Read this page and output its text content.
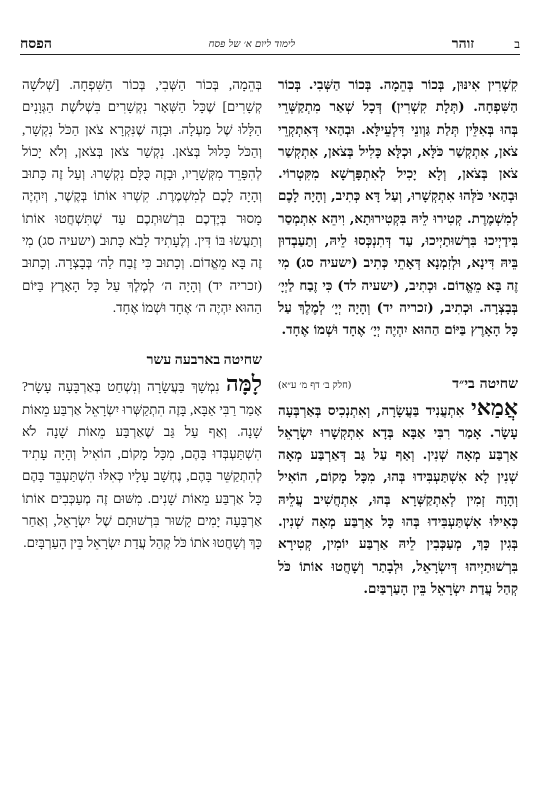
הפסח	לימוד ליום א׳ של פסח	זוהר	ב

קִשְׁרִין אִינּוּן, בְּכוֹר בְּהֵמָה. בְּכוֹר הַשְּׁבִי. בְּכוֹר הַשִּׁפְחָה. (תְּלָת קִשְׁרִין) דְּכָל שְׁאַר מִתְקַשְּׁרֵי בְּהוּ בְּאִלֵּין תְּלַת גַּוְונֵי דִּלְעֵילָּא. וּבְהַאי דְּאִתְקְרֵי צֹאן, אִתְקְשַׁר כֹּלָּא, וּכְלָּא כָּלִיל בְּצֹאן, אִתְקְשַׁר צֹאן בְּצֹאן, וְלָא יָכִיל לְאִתְפָּרְשָׁא מִקִּטְרוֹי. וּבְהַאי כֹּלְּהוּ אִתְקְשָׁרוּ, וְעַל דָּא כְּתִיב, וְהָיָה לָכֶם לְמִשְׁמֶרֶת. קְטִירוּ לֵיהּ בִּקְטִירוּתָא, וִיהֵא אִתְמְסַר בִּידַיְיכוּ בִּרְשׁוּתַיְיכוּ, עַד דְּתִנְכְּסוּ לֵיהּ, וְתַעַבְדוּן בֵּיהּ דִּינָא, וּלְזִמְנָא דְּאָתֵי כְּתִיב (ישעיה סג) מִי זֶה בָּא מֵאֱדוֹם. וּכְתִיב, (ישעיה לד) כִּי זֶבַח לַיְיָ׳ בְּבָצְרָה. וּכְתִיב, (זכריה יד) וְהָיָה יְיָ׳ לְמֶלֶךְ עַל כָּל הָאָרֶץ בַּיּוֹם הַהוּא יִהְיֶה יְיָ׳ אֶחָד וּשְׁמוֹ אֶחָד.

שחיטה בי״ד
(חלק ב׳ דף מ׳ ע״א)

אֲמַאי אִתְעֲנִיד בַּעֲשָׂרָה, וְאִתְנְכִיס בְּאַרְבְּעָה עָשָׂר. אָמַר רִבִּי אַבָּא בְּדָא אִתְקְשָׁרוּ יִשְׂרָאֵל אַרְבַּע מְאָה שְׁנִין. וְאַף עַל גַּב דְּאַרְבַּע מְאָה שְׁנִין לָא אִשְׁתַּעְבִּידוּ בְּהוּ, מִכָּל מָקוֹם, הוֹאִיל וְהָוָה זְמִין לְאִתְקַשְּׁרָא בְּהוּ, אִתְחֲשִׁיב עֲלֵיהּ כְּאִילּוּ אִשְׁתַּעְבִּידוּ בְּהוּ כָּל אַרְבַּע מְאָה שְׁנִין. בְּגִין כָּךְ, מְעַכְּבִין לֵיהּ אַרְבַּע יוֹמִין, קְטִירָא בִּרְשׁוּתַיְיהוּ דְּיִשְׂרָאֵל, וּלְבָתַר וְשָׁחֲטוּ אוֹתוֹ כֹּל קְהַל עֲדַת יִשְׂרָאֵל בֵּין הָעַרְבַּיִם.

בְּהֵמָה, בְּכוֹר הַשְּׁבִי, בְּכוֹר הַשִּׁפְחָה. [שְׁלֹשָׁה קְשָׁרִים] שֶׁכָּל הַשְּׁאָר נִקְשָׁרִים בִּשְׁלֹשֶׁת הַגְּוָנִים הַלָּלוּ שֶׁל מַעְלָה. וּבָזֶה שֶׁנִּקְרָא צֹאן הַכֹּל נִקְשָׁר, וְהַכֹּל כָּלוּל בְּצֹאן. נִקְשַׁר צֹאן בְּצֹאן, וְלֹא יָכוֹל לְהִפָּרֵד מִקְּשָׁרָיו, וּבָזֶה כֻּלָּם נִקְשָׁרוּ. וְעַל זֶה כָּתוּב וְהָיָה לָכֶם לְמִשְׁמֶרֶת. קִשְׁרוּ אוֹתוֹ בְּקֶשֶׁר, וְיִהְיֶה מָסוּר בְּיֶדְכֶם בִּרְשׁוּתְכֶם עַד שֶׁתִּשְׁחֲטוּ אוֹתוֹ וְתַעֲשׂוּ בּוֹ דִּין. וְלֶעָתִיד לָבֹא כָּתוּב (ישעיה סג) מִי זֶה בָּא מֵאֱדוֹם. וְכָתוּב כִּי זֶבַח לַה׳ בְּבָצְרָה. וְכָתוּב (זכריה יד) וְהָיָה ה׳ לְמֶלֶךְ עַל כָּל הָאָרֶץ בַּיּוֹם הַהוּא יִהְיֶה ה׳ אֶחָד וּשְׁמוֹ אֶחָד.

שחיטה בארבעה עשר

לָמָּה נִמְשָׁךְ בַּעֲשָׂרָה וְנִשְׁחַט בְּאַרְבָּעָה עָשָׂר? אָמַר רַבִּי אַבָּא, בָּזֶה הִתְקַשְּׁרוּ יִשְׂרָאֵל אַרְבַּע מֵאוֹת שָׁנָה. וְאַף עַל גַּב שֶׁאַרְבַּע מֵאוֹת שָׁנָה לֹא הִשְׁתַּעְבְּדוּ בָּהֶם, מִכָּל מָקוֹם, הוֹאִיל וְהָיָה עָתִיד לְהִתְקַשֵּׁר בָּהֶם, נֶחְשָׁב עָלָיו כְּאִלּוּ הִשְׁתַּעְבֵּד בָּהֶם כָּל אַרְבַּע מֵאוֹת שָׁנִים. מִשּׁוּם זֶה מְעַכְּבִים אוֹתוֹ אַרְבָּעָה יָמִים קָשׁוּר בִּרְשׁוּתָם שֶׁל יִשְׂרָאֵל, וְאַחַר כָּךְ וְשָׁחֲטוּ אֹתוֹ כֹּל קְהַל עֲדַת יִשְׂרָאֵל בֵּין הָעַרְבָּיִם.
